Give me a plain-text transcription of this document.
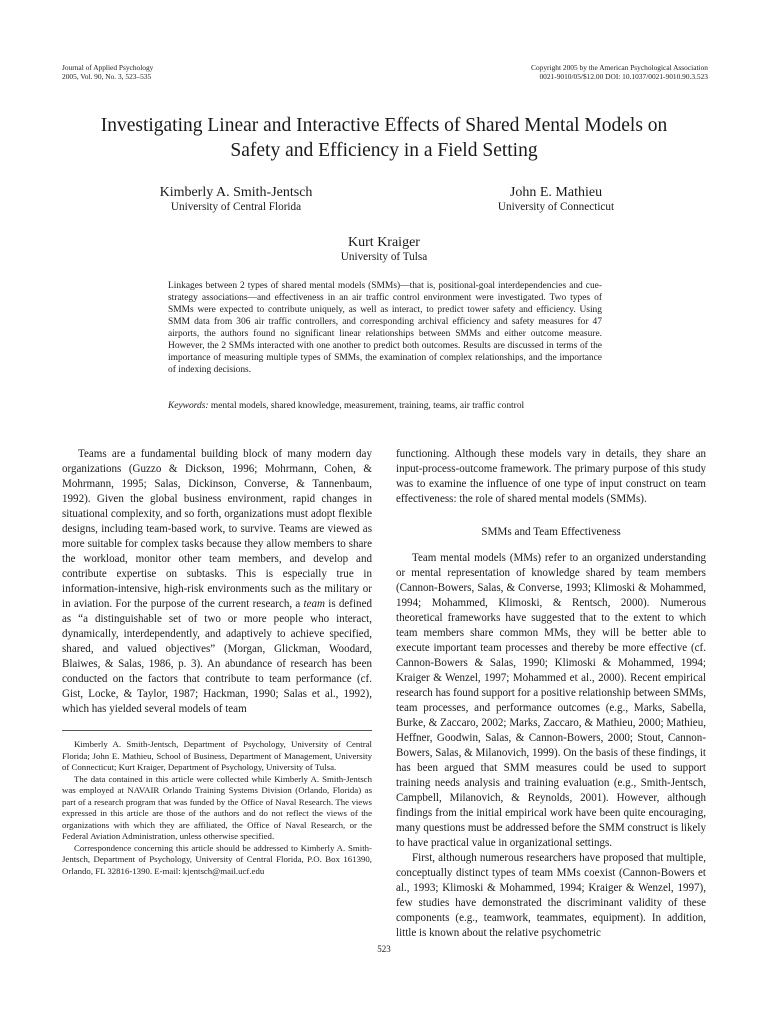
Journal of Applied Psychology
2005, Vol. 90, No. 3, 523–535
Copyright 2005 by the American Psychological Association
0021-9010/05/$12.00 DOI: 10.1037/0021-9010.90.3.523
Investigating Linear and Interactive Effects of Shared Mental Models on
Safety and Efficiency in a Field Setting
Kimberly A. Smith-Jentsch
University of Central Florida
John E. Mathieu
University of Connecticut
Kurt Kraiger
University of Tulsa
Linkages between 2 types of shared mental models (SMMs)—that is, positional-goal interdependencies and cue-strategy associations—and effectiveness in an air traffic control environment were investigated. Two types of SMMs were expected to contribute uniquely, as well as interact, to predict tower safety and efficiency. Using SMM data from 306 air traffic controllers, and corresponding archival efficiency and safety measures for 47 airports, the authors found no significant linear relationships between SMMs and either outcome measure. However, the 2 SMMs interacted with one another to predict both outcomes. Results are discussed in terms of the importance of measuring multiple types of SMMs, the examination of complex relationships, and the importance of indexing decisions.
Keywords: mental models, shared knowledge, measurement, training, teams, air traffic control

Teams are a fundamental building block of many modern day organizations (Guzzo & Dickson, 1996; Mohrmann, Cohen, & Mohrmann, 1995; Salas, Dickinson, Converse, & Tannenbaum, 1992). Given the global business environment, rapid changes in situational complexity, and so forth, organizations must adopt flexible designs, including team-based work, to survive. Teams are viewed as more suitable for complex tasks because they allow members to share the workload, monitor other team members, and develop and contribute expertise on subtasks. This is especially true in information-intensive, high-risk environments such as the military or in aviation. For the purpose of the current research, a team is defined as “a distinguishable set of two or more people who interact, dynamically, interdependently, and adaptively to achieve specified, shared, and valued objectives” (Morgan, Glickman, Woodard, Blaiwes, & Salas, 1986, p. 3). An abundance of research has been conducted on the factors that contribute to team performance (cf. Gist, Locke, & Taylor, 1987; Hackman, 1990; Salas et al., 1992), which has yielded several models of team

Kimberly A. Smith-Jentsch, Department of Psychology, University of Central Florida; John E. Mathieu, School of Business, Department of Management, University of Connecticut; Kurt Kraiger, Department of Psychology, University of Tulsa.

The data contained in this article were collected while Kimberly A. Smith-Jentsch was employed at NAVAIR Orlando Training Systems Division (Orlando, Florida) as part of a research program that was funded by the Office of Naval Research. The views expressed in this article are those of the authors and do not reflect the views of the organizations with which they are affiliated, the Office of Naval Research, or the Federal Aviation Administration, unless otherwise specified.

Correspondence concerning this article should be addressed to Kimberly A. Smith-Jentsch, Department of Psychology, University of Central Florida, P.O. Box 161390, Orlando, FL 32816-1390. E-mail: kjentsch@mail.ucf.edu

functioning. Although these models vary in details, they share an input-process-outcome framework. The primary purpose of this study was to examine the influence of one type of input construct on team effectiveness: the role of shared mental models (SMMs).

SMMs and Team Effectiveness

Team mental models (MMs) refer to an organized understanding or mental representation of knowledge shared by team members (Cannon-Bowers, Salas, & Converse, 1993; Klimoski & Mohammed, 1994; Mohammed, Klimoski, & Rentsch, 2000). Numerous theoretical frameworks have suggested that to the extent to which team members share common MMs, they will be better able to execute important team processes and thereby be more effective (cf. Cannon-Bowers & Salas, 1990; Klimoski & Mohammed, 1994; Kraiger & Wenzel, 1997; Mohammed et al., 2000). Recent empirical research has found support for a positive relationship between SMMs, team processes, and performance outcomes (e.g., Marks, Sabella, Burke, & Zaccaro, 2002; Marks, Zaccaro, & Mathieu, 2000; Mathieu, Heffner, Goodwin, Salas, & Cannon-Bowers, 2000; Stout, Cannon-Bowers, Salas, & Milanovich, 1999). On the basis of these findings, it has been argued that SMM measures could be used to support training needs analysis and training evaluation (e.g., Smith-Jentsch, Campbell, Milanovich, & Reynolds, 2001). However, although findings from the initial empirical work have been quite encouraging, many questions must be addressed before the SMM construct is likely to have practical value in organizational settings.

First, although numerous researchers have proposed that multiple, conceptually distinct types of team MMs coexist (Cannon-Bowers et al., 1993; Klimoski & Mohammed, 1994; Kraiger & Wenzel, 1997), few studies have demonstrated the discriminant validity of these components (e.g., teamwork, teammates, equipment). In addition, little is known about the relative psychometric

523
